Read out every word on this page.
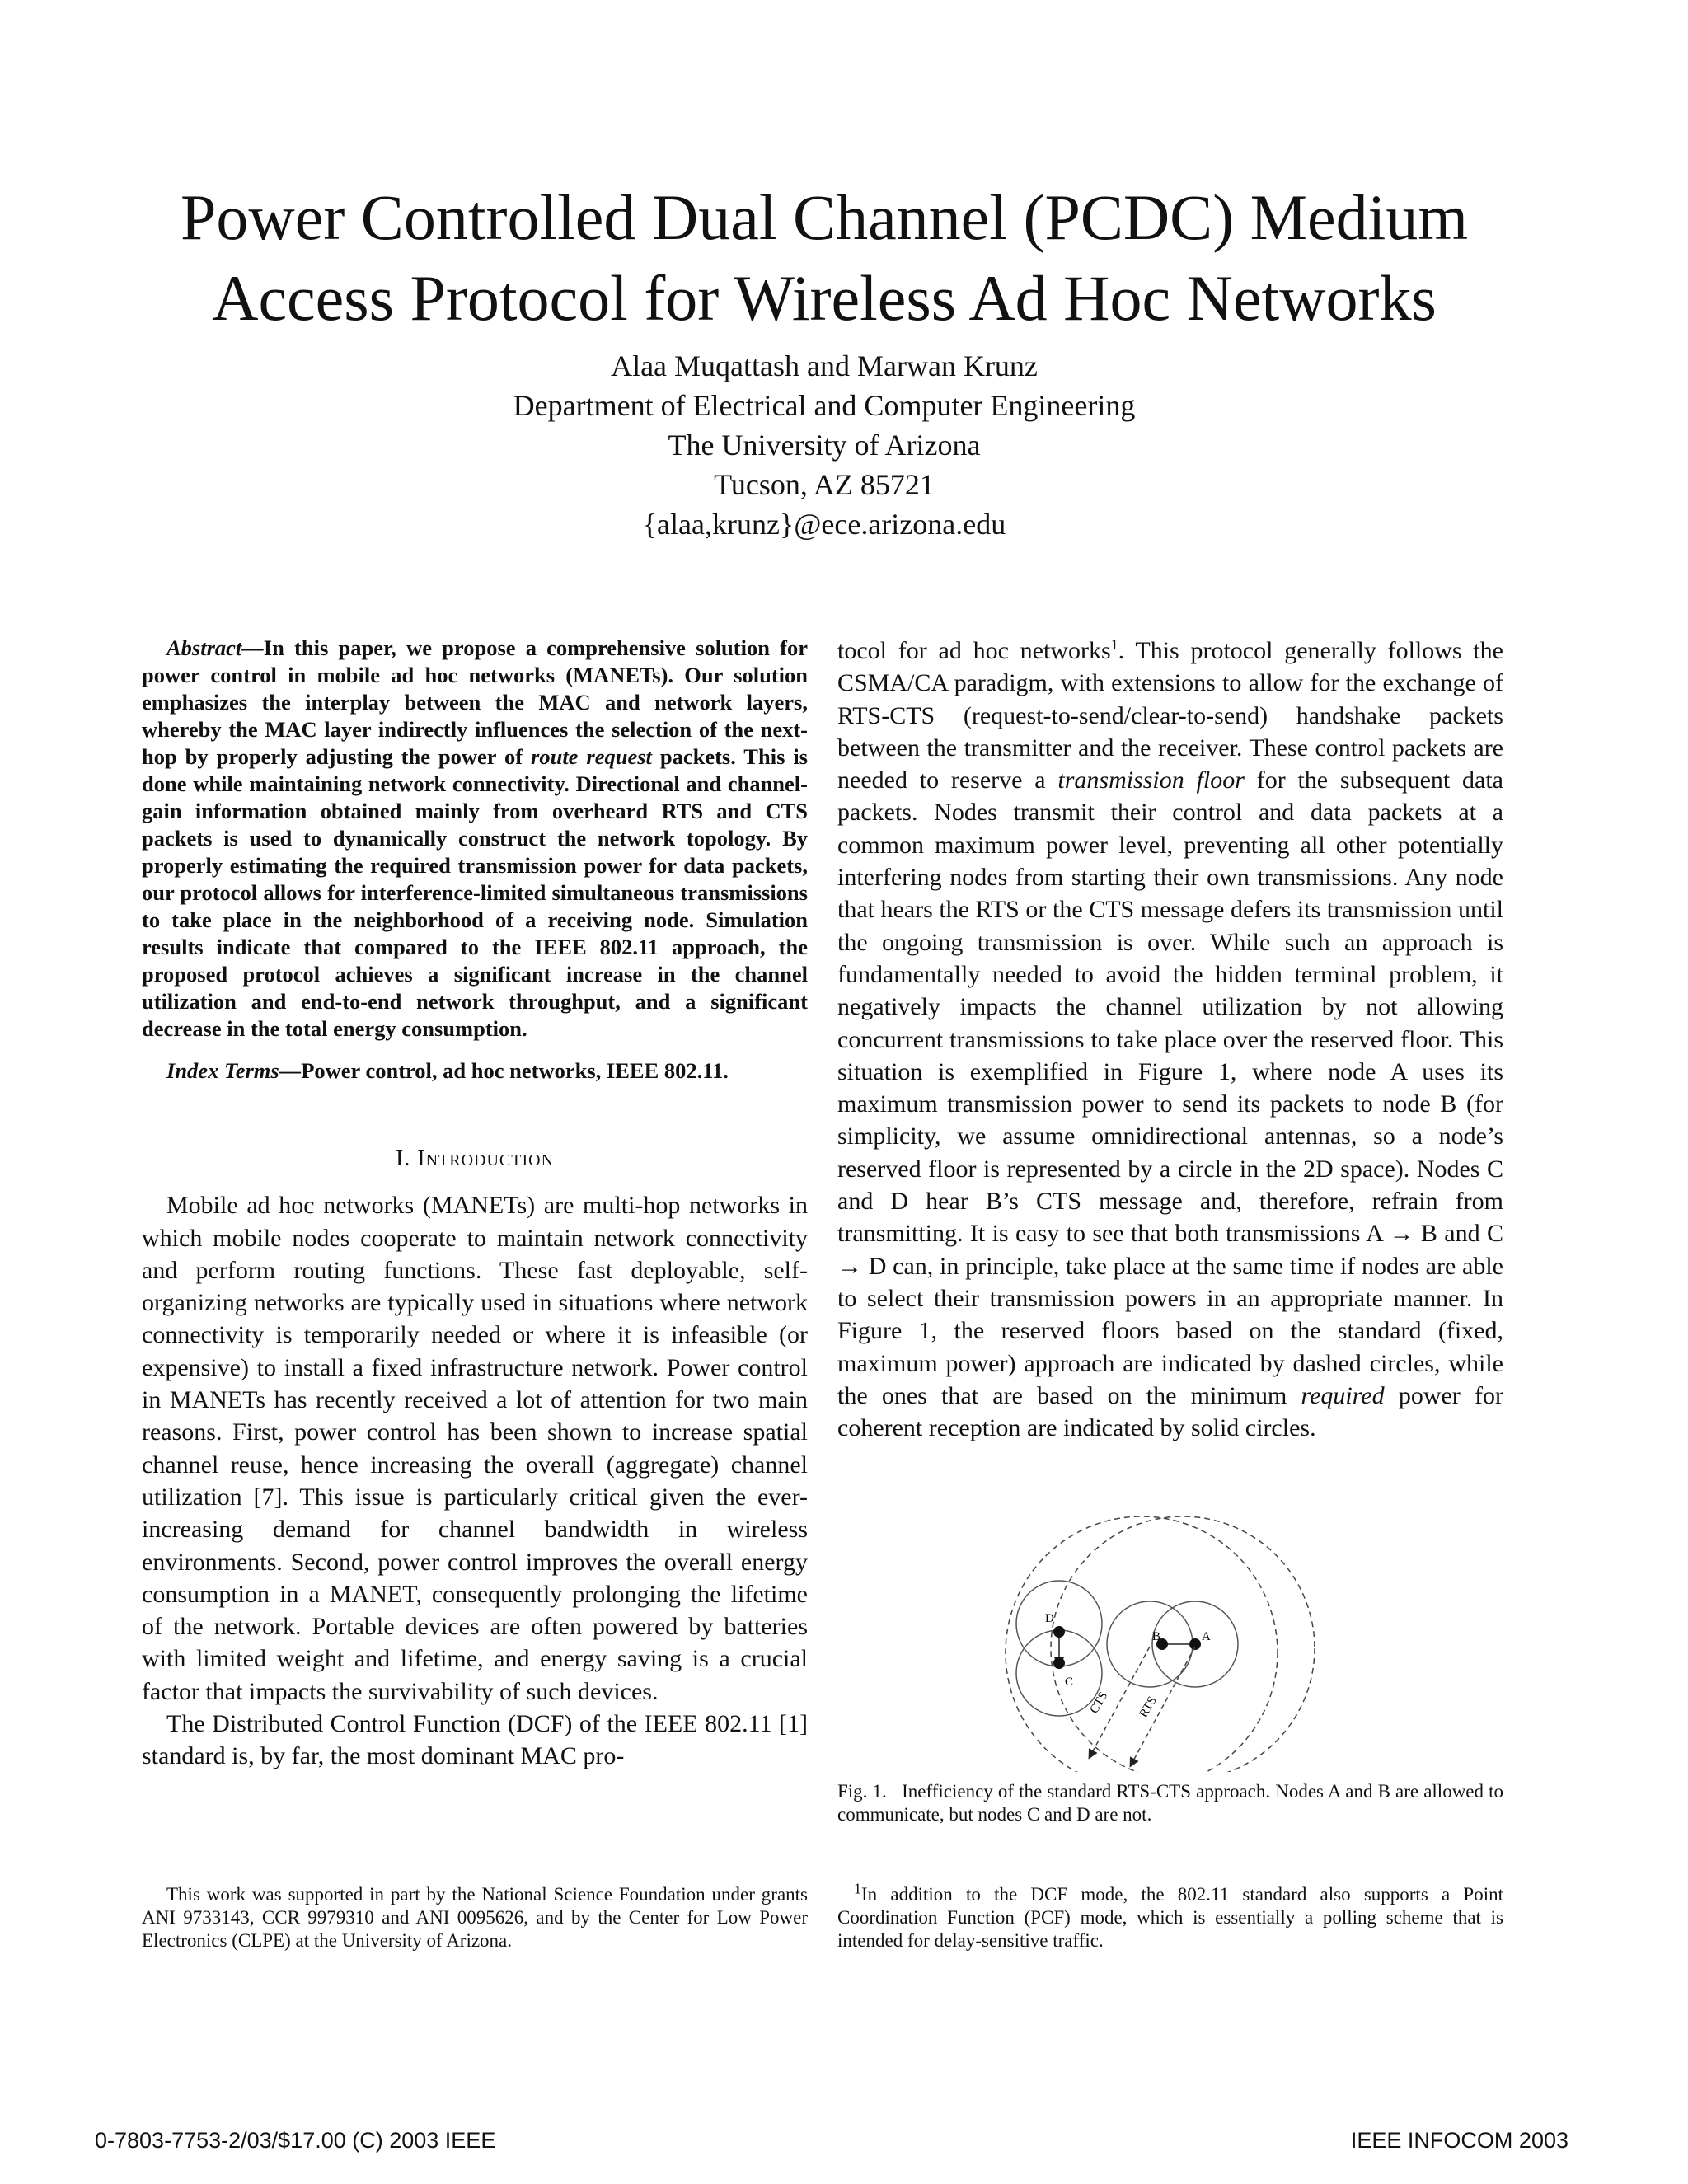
Power Controlled Dual Channel (PCDC) Medium Access Protocol for Wireless Ad Hoc Networks
Alaa Muqattash and Marwan Krunz
Department of Electrical and Computer Engineering
The University of Arizona
Tucson, AZ 85721
{alaa,krunz}@ece.arizona.edu

Abstract—In this paper, we propose a comprehensive solution for power control in mobile ad hoc networks (MANETs). Our solution emphasizes the interplay between the MAC and network layers, whereby the MAC layer indirectly influences the selection of the next-hop by properly adjusting the power of route request packets. This is done while maintaining network connectivity. Directional and channel-gain information obtained mainly from overheard RTS and CTS packets is used to dynamically construct the network topology. By properly estimating the required transmission power for data packets, our protocol allows for interference-limited simultaneous transmissions to take place in the neighborhood of a receiving node. Simulation results indicate that compared to the IEEE 802.11 approach, the proposed protocol achieves a significant increase in the channel utilization and end-to-end network throughput, and a significant decrease in the total energy consumption.

Index Terms—Power control, ad hoc networks, IEEE 802.11.

I. Introduction

Mobile ad hoc networks (MANETs) are multi-hop networks in which mobile nodes cooperate to maintain network connectivity and perform routing functions. These fast deployable, self-organizing networks are typically used in situations where network connectivity is temporarily needed or where it is infeasible (or expensive) to install a fixed infrastructure network. Power control in MANETs has recently received a lot of attention for two main reasons. First, power control has been shown to increase spatial channel reuse, hence increasing the overall (aggregate) channel utilization [7]. This issue is particularly critical given the ever-increasing demand for channel bandwidth in wireless environments. Second, power control improves the overall energy consumption in a MANET, consequently prolonging the lifetime of the network. Portable devices are often powered by batteries with limited weight and lifetime, and energy saving is a crucial factor that impacts the survivability of such devices.

The Distributed Control Function (DCF) of the IEEE 802.11 [1] standard is, by far, the most dominant MAC pro-

tocol for ad hoc networks$^1$. This protocol generally follows the CSMA/CA paradigm, with extensions to allow for the exchange of RTS-CTS (request-to-send/clear-to-send) handshake packets between the transmitter and the receiver. These control packets are needed to reserve a transmission floor for the subsequent data packets. Nodes transmit their control and data packets at a common maximum power level, preventing all other potentially interfering nodes from starting their own transmissions. Any node that hears the RTS or the CTS message defers its transmission until the ongoing transmission is over. While such an approach is fundamentally needed to avoid the hidden terminal problem, it negatively impacts the channel utilization by not allowing concurrent transmissions to take place over the reserved floor. This situation is exemplified in Figure 1, where node A uses its maximum transmission power to send its packets to node B (for simplicity, we assume omnidirectional antennas, so a node’s reserved floor is represented by a circle in the 2D space). Nodes C and D hear B’s CTS message and, therefore, refrain from transmitting. It is easy to see that both transmissions A → B and C → D can, in principle, take place at the same time if nodes are able to select their transmission powers in an appropriate manner. In Figure 1, the reserved floors based on the standard (fixed, maximum power) approach are indicated by dashed circles, while the ones that are based on the minimum required power for coherent reception are indicated by solid circles.

D
C
B	A
CTS RTS
Fig. 1. Inefficiency of the standard RTS-CTS approach. Nodes A and B are allowed to communicate, but nodes C and D are not.

This work was supported in part by the National Science Foundation under grants ANI 9733143, CCR 9979310 and ANI 0095626, and by the Center for Low Power Electronics (CLPE) at the University of Arizona.

$^1$In addition to the DCF mode, the 802.11 standard also supports a Point Coordination Function (PCF) mode, which is essentially a polling scheme that is intended for delay-sensitive traffic.

0-7803-7753-2/03/$17.00 (C) 2003 IEEE	IEEE INFOCOM 2003
